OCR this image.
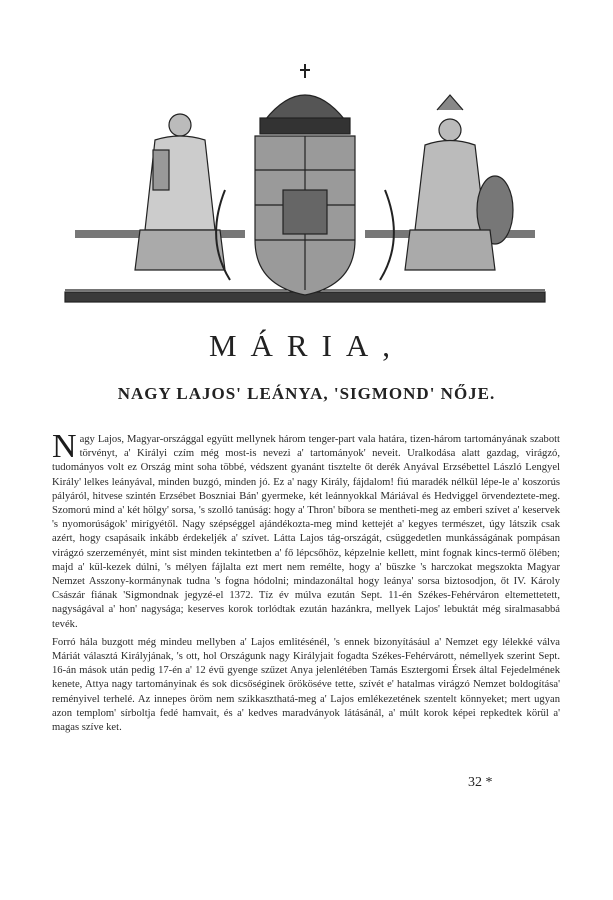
MÁRIA,
NAGY LAJOS' LEÁNYA, 'SIGMOND' NŐJE.

Nagy Lajos, Magyar-országgal együtt mellynek három tenger-part vala határa, tizen-három tartományának szabott törvényt, a' Királyi czím még most-is nevezi a' tartományok' neveit. Uralkodása alatt gazdag, virágzó, tudományos volt ez Ország mint soha többé, védszent gyanánt tisztelte őt derék Anyával Erzsébettel László Lengyel Király' lelkes leányával, minden buzgó, minden jó. Ez a' nagy Király, fájdalom! fiú maradék nélkül lépe-le a' koszorús pályáról, hitvese szintén Erzsébet Boszniai Bán' gyermeke, két leánnyokkal Máriával és Hedviggel örvendeztete-meg. Szomorú mind a' két hölgy' sorsa, 's szolló tanúság: hogy a' Thron' bíbora se mentheti-meg az emberi szívet a' keservek 's nyomorúságok' mirígyétől. Nagy szépséggel ajándékozta-meg mind kettejét a' kegyes természet, úgy látszik csak azért, hogy csapásaik inkább érdekeljék a' szívet. Látta Lajos tág-országát, csüggedetlen munkásságának pompásan virágzó szerzeményét, mint sist minden tekintetben a' fő lépcsőhöz, képzelnie kellett, mint fognak kincs-termő ölében; majd a' kül-kezek dúlni, 's mélyen fájlalta ezt mert nem remélte, hogy a' büszke 's harczokat megszokta Magyar Nemzet Asszony-kormánynak tudna 's fogna hódolni; mindazonáltal hogy leánya' sorsa biztosodjon, őt IV. Károly Császár fiának 'Sigmondnak jegyzé-el 1372. Tíz év múlva ezután Sept. 11-én Székes-Fehérváron eltemettetett, nagyságával a' hon' nagysága; keserves korok torlódtak ezután hazánkra, mellyek Lajos' lebuktát még siralmasabbá tevék.

Forró hála buzgott még mindeu mellyben a' Lajos emlitésénél, 's ennek bizonyításául a' Nemzet egy lélekké válva Máriát választá Királyjának, 's ott, hol Országunk nagy Királyjait fogadta Székes-Fehérvárott, némellyek szerint Sept. 16-án mások után pedig 17-én a' 12 évű gyenge szűzet Anya jelenlétében Tamás Esztergomi Érsek által Fejedelmének kenete, Attya nagy tartományinak és sok dicsőséginek örököséve tette, szívét e' hatalmas virágzó Nemzet boldogítása' reményivel terhelé. Az innepes öröm nem szikkaszthatá-meg a' Lajos emlékezetének szentelt könnyeket; mert ugyan azon templom' sírboltja fedé hamvait, és a' kedves maradványok látásánál, a' múlt korok képei repkedtek körül a' magas szíve ket.

32 *
